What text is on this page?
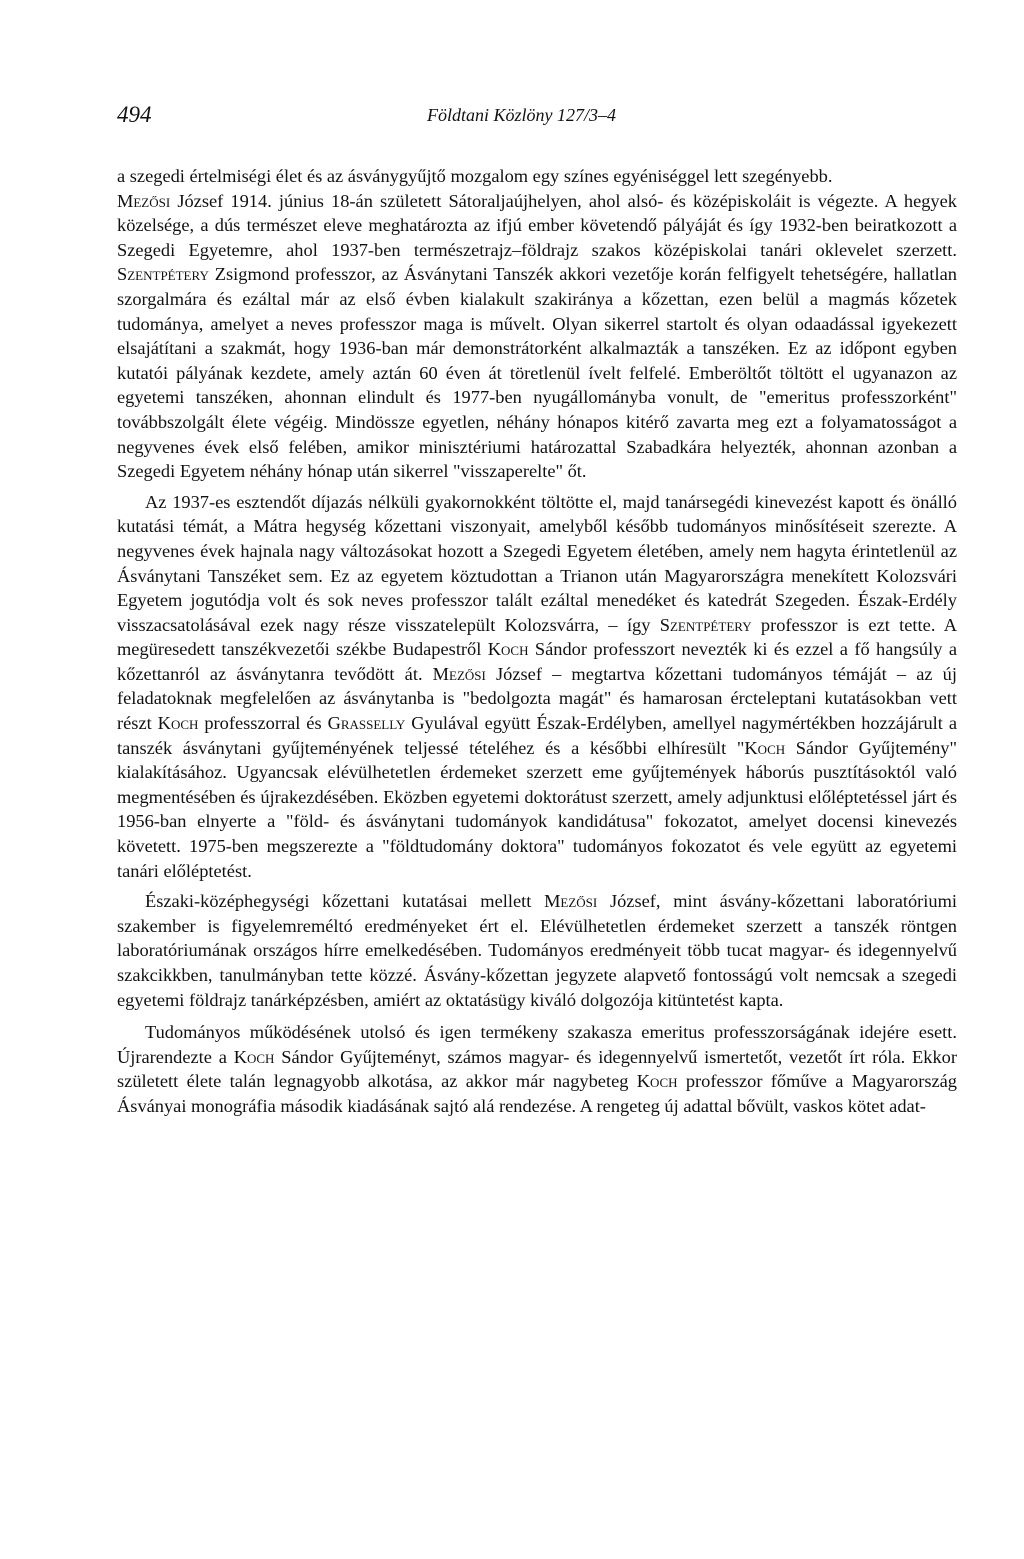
494	Földtani Közlöny 127/3–4

a szegedi értelmiségi élet és az ásványgyűjtő mozgalom egy színes egyéniséggel lett szegényebb.

Mezősi József 1914. június 18-án született Sátoraljaújhelyen, ahol alsó- és középiskoláit is végezte. A hegyek közelsége, a dús természet eleve meghatározta az ifjú ember követendő pályáját és így 1932-ben beiratkozott a Szegedi Egyetemre, ahol 1937-ben természetrajz–földrajz szakos középiskolai tanári oklevelet szerzett. Szentpétery Zsigmond professzor, az Ásványtani Tanszék akkori vezetője korán felfigyelt tehetségére, hallatlan szorgalmára és ezáltal már az első évben kialakult szakiránya a kőzettan, ezen belül a magmás kőzetek tudománya, amelyet a neves professzor maga is művelt. Olyan sikerrel startolt és olyan odaadással igyekezett elsajátítani a szakmát, hogy 1936-ban már demonstrátorként alkalmazták a tanszéken. Ez az időpont egyben kutatói pályának kezdete, amely aztán 60 éven át töretlenül ívelt felfelé. Emberöltőt töltött el ugyanazon az egyetemi tanszéken, ahonnan elindult és 1977-ben nyugállományba vonult, de "emeritus professzorként" továbbszolgált élete végéig. Mindössze egyetlen, néhány hónapos kitérő zavarta meg ezt a folyamatosságot a negyvenes évek első felében, amikor minisztériumi határozattal Szabadkára helyezték, ahonnan azonban a Szegedi Egyetem néhány hónap után sikerrel "visszaperelte" őt.

Az 1937-es esztendőt díjazás nélküli gyakornokként töltötte el, majd tanársegédi kinevezést kapott és önálló kutatási témát, a Mátra hegység kőzettani viszonyait, amelyből később tudományos minősítéseit szerezte. A negyvenes évek hajnala nagy változásokat hozott a Szegedi Egyetem életében, amely nem hagyta érintetlenül az Ásványtani Tanszéket sem. Ez az egyetem köztudottan a Trianon után Magyarországra menekített Kolozsvári Egyetem jogutódja volt és sok neves professzor talált ezáltal menedéket és katedrát Szegeden. Észak-Erdély visszacsatolásával ezek nagy része visszatelepült Kolozsvárra, – így Szentpétery professzor is ezt tette. A megüresedett tanszékvezetői székbe Budapestről Koch Sándor professzort nevezték ki és ezzel a fő hangsúly a kőzettanról az ásványtanra tevődött át. Mezősi József – megtartva kőzettani tudományos témáját – az új feladatoknak megfelelően az ásványtanba is "bedolgozta magát" és hamarosan ércteleptani kutatásokban vett részt Koch professzorral és Grasselly Gyulával együtt Észak-Erdélyben, amellyel nagymértékben hozzájárult a tanszék ásványtani gyűjteményének teljessé tételéhez és a későbbi elhíresült "Koch Sándor Gyűjtemény" kialakításához. Ugyancsak elévülhetetlen érdemeket szerzett eme gyűjtemények háborús pusztításoktól való megmentésében és újrakezdésében. Eközben egyetemi doktorátust szerzett, amely adjunktusi előléptetéssel járt és 1956-ban elnyerte a "föld- és ásványtani tudományok kandidátusa" fokozatot, amelyet docensi kinevezés követett. 1975-ben megszerezte a "földtudomány doktora" tudományos fokozatot és vele együtt az egyetemi tanári előléptetést.

Északi-középhegységi kőzettani kutatásai mellett Mezősi József, mint ásvány-kőzettani laboratóriumi szakember is figyelemreméltó eredményeket ért el. Elévülhetetlen érdemeket szerzett a tanszék röntgen laboratóriumának országos hírre emelkedésében. Tudományos eredményeit több tucat magyar- és idegennyelvű szakcikkben, tanulmányban tette közzé. Ásvány-kőzettan jegyzete alapvető fontosságú volt nemcsak a szegedi egyetemi földrajz tanárképzésben, amiért az oktatásügy kiváló dolgozója kitüntetést kapta.

Tudományos működésének utolsó és igen termékeny szakasza emeritus professzorságának idejére esett. Újrarendezte a Koch Sándor Gyűjteményt, számos magyar- és idegennyelvű ismertetőt, vezetőt írt róla. Ekkor született élete talán legnagyobb alkotása, az akkor már nagybeteg Koch professzor főműve a Magyarország Ásványai monográfia második kiadásának sajtó alá rendezése. A rengeteg új adattal bővült, vaskos kötet adat-
